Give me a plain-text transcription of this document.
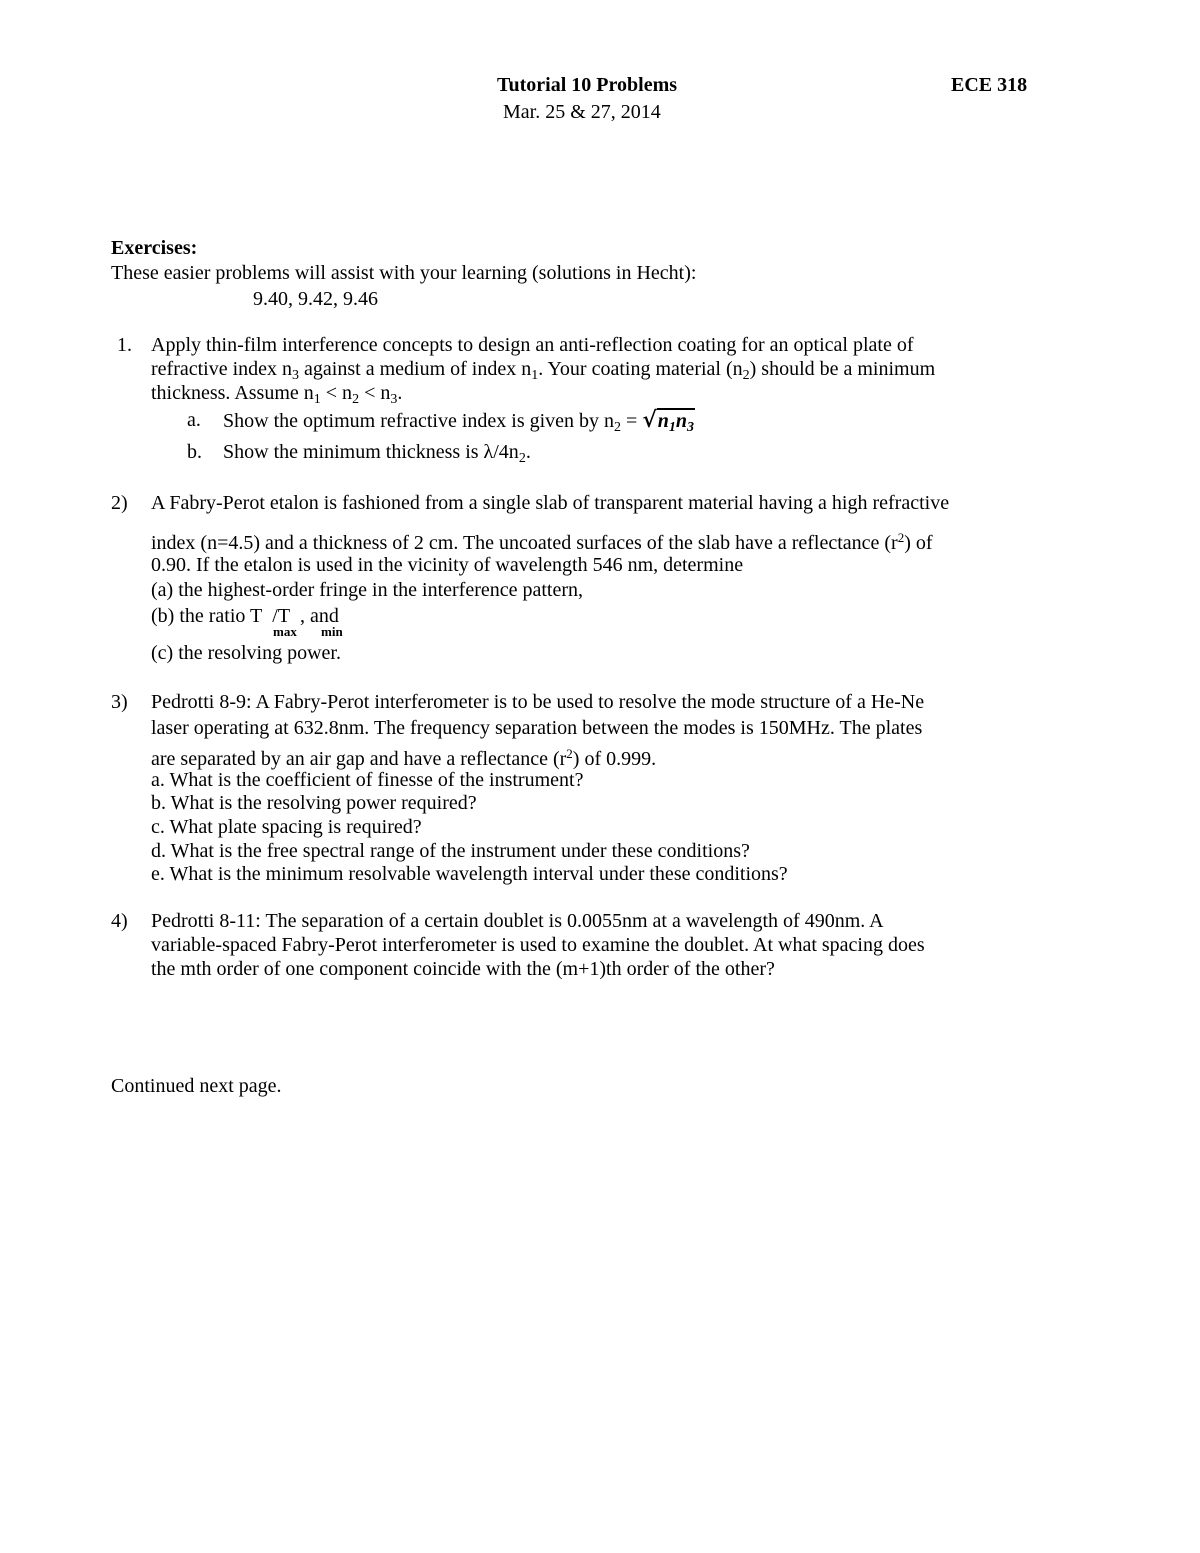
Tutorial 10 Problems	ECE 318
Mar. 25 & 27, 2014
Exercises:
These easier problems will assist with your learning (solutions in Hecht):
9.40, 9.42, 9.46
1. Apply thin-film interference concepts to design an anti-reflection coating for an optical plate of
refractive index $n_3$ against a medium of index $n_1$. Your coating material $(n_2)$ should be a minimum
thickness. Assume $n_1 < n_2 < n_3$.
a. Show the optimum refractive index is given by $n_2 = √n_1n_3$
b. Show the minimum thickness is $\lambda/4n_2$.
2) A Fabry-Perot etalon is fashioned from a single slab of transparent material having a high refractive
index (n=4.5) and a thickness of 2 cm. The uncoated surfaces of the slab have a reflectance $(r^2)$ of
0.90. If the etalon is used in the vicinity of wavelength 546 nm, determine
(a) the highest-order fringe in the interference pattern,
(b) the ratio T /T , and
max min
(c) the resolving power.
3) Pedrotti 8-9: A Fabry-Perot interferometer is to be used to resolve the mode structure of a He-Ne
laser operating at 632.8nm. The frequency separation between the modes is 150MHz. The plates
are separated by an air gap and have a reflectance $(r^2)$ of 0.999.
a. What is the coefficient of finesse of the instrument?
b. What is the resolving power required?
c. What plate spacing is required?
d. What is the free spectral range of the instrument under these conditions?
e. What is the minimum resolvable wavelength interval under these conditions?
4) Pedrotti 8-11: The separation of a certain doublet is 0.0055nm at a wavelength of 490nm. A
variable-spaced Fabry-Perot interferometer is used to examine the doublet. At what spacing does
the mth order of one component coincide with the (m+1)th order of the other?
Continued next page.
